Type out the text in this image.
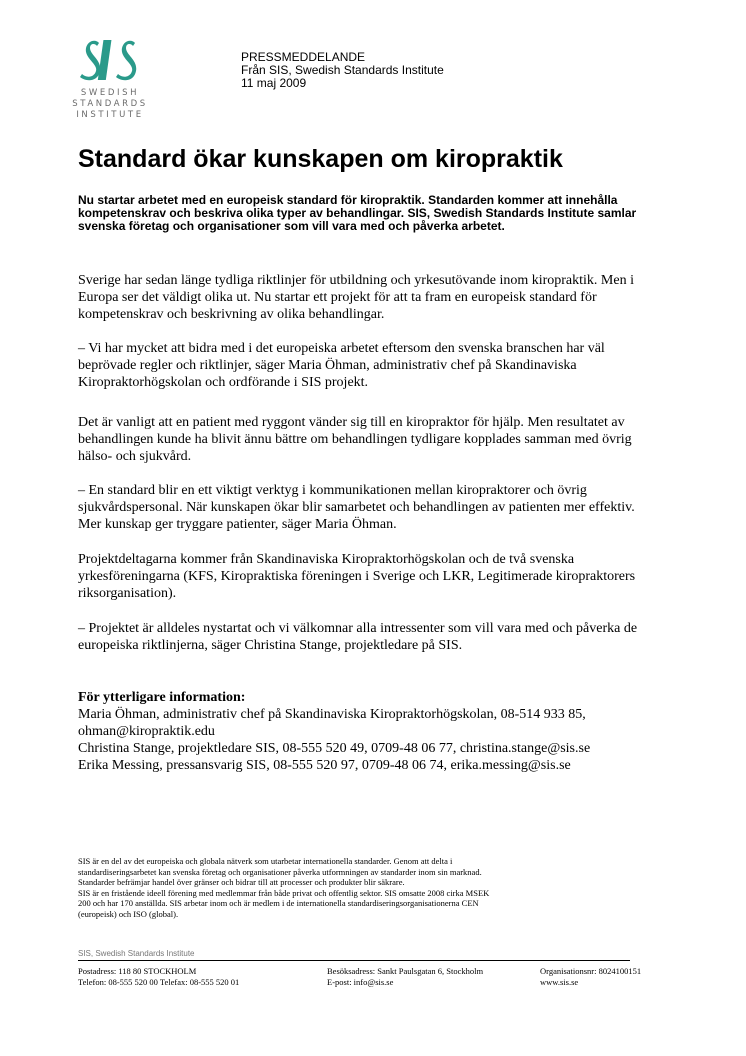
SWEDISH
STANDARDS
INSTITUTE
PRESSMEDDELANDE
Från SIS, Swedish Standards Institute
11 maj 2009
Standard ökar kunskapen om kiropraktik
Nu startar arbetet med en europeisk standard för kiropraktik. Standarden kommer att innehålla kompetenskrav och beskriva olika typer av behandlingar. SIS, Swedish Standards Institute samlar svenska företag och organisationer som vill vara med och påverka arbetet.
Sverige har sedan länge tydliga riktlinjer för utbildning och yrkesutövande inom kiropraktik. Men i Europa ser det väldigt olika ut. Nu startar ett projekt för att ta fram en europeisk standard för kompetenskrav och beskrivning av olika behandlingar.
– Vi har mycket att bidra med i det europeiska arbetet eftersom den svenska branschen har väl beprövade regler och riktlinjer, säger Maria Öhman, administrativ chef på Skandinaviska Kiropraktorhögskolan och ordförande i SIS projekt.
Det är vanligt att en patient med ryggont vänder sig till en kiropraktor för hjälp. Men resultatet av behandlingen kunde ha blivit ännu bättre om behandlingen tydligare kopplades samman med övrig hälso- och sjukvård.
– En standard blir en ett viktigt verktyg i kommunikationen mellan kiropraktorer och övrig sjukvårdspersonal. När kunskapen ökar blir samarbetet och behandlingen av patienten mer effektiv. Mer kunskap ger tryggare patienter, säger Maria Öhman.
Projektdeltagarna kommer från Skandinaviska Kiropraktorhögskolan och de två svenska yrkesföreningarna (KFS, Kiropraktiska föreningen i Sverige och LKR, Legitimerade kiropraktorers riksorganisation).
– Projektet är alldeles nystartat och vi välkomnar alla intressenter som vill vara med och påverka de europeiska riktlinjerna, säger Christina Stange, projektledare på SIS.
För ytterligare information:
Maria Öhman, administrativ chef på Skandinaviska Kiropraktorhögskolan, 08-514 933 85,
ohman@kiropraktik.edu
Christina Stange, projektledare SIS, 08-555 520 49, 0709-48 06 77, christina.stange@sis.se
Erika Messing, pressansvarig SIS, 08-555 520 97, 0709-48 06 74, erika.messing@sis.se
SIS är en del av det europeiska och globala nätverk som utarbetar internationella standarder. Genom att delta i
standardiseringsarbetet kan svenska företag och organisationer påverka utformningen av standarder inom sin marknad.
Standarder befrämjar handel över gränser och bidrar till att processer och produkter blir säkrare.
SIS är en fristående ideell förening med medlemmar från både privat och offentlig sektor. SIS omsatte 2008 cirka MSEK
200 och har 170 anställda. SIS arbetar inom och är medlem i de internationella standardiseringsorganisationerna CEN
(europeisk) och ISO (global).
SIS, Swedish Standards Institute
Postadress: 118 80 STOCKHOLM
Telefon: 08-555 520 00 Telefax: 08-555 520 01
Besöksadress: Sankt Paulsgatan 6, Stockholm
E-post: info@sis.se
Organisationsnr: 8024100151
www.sis.se
